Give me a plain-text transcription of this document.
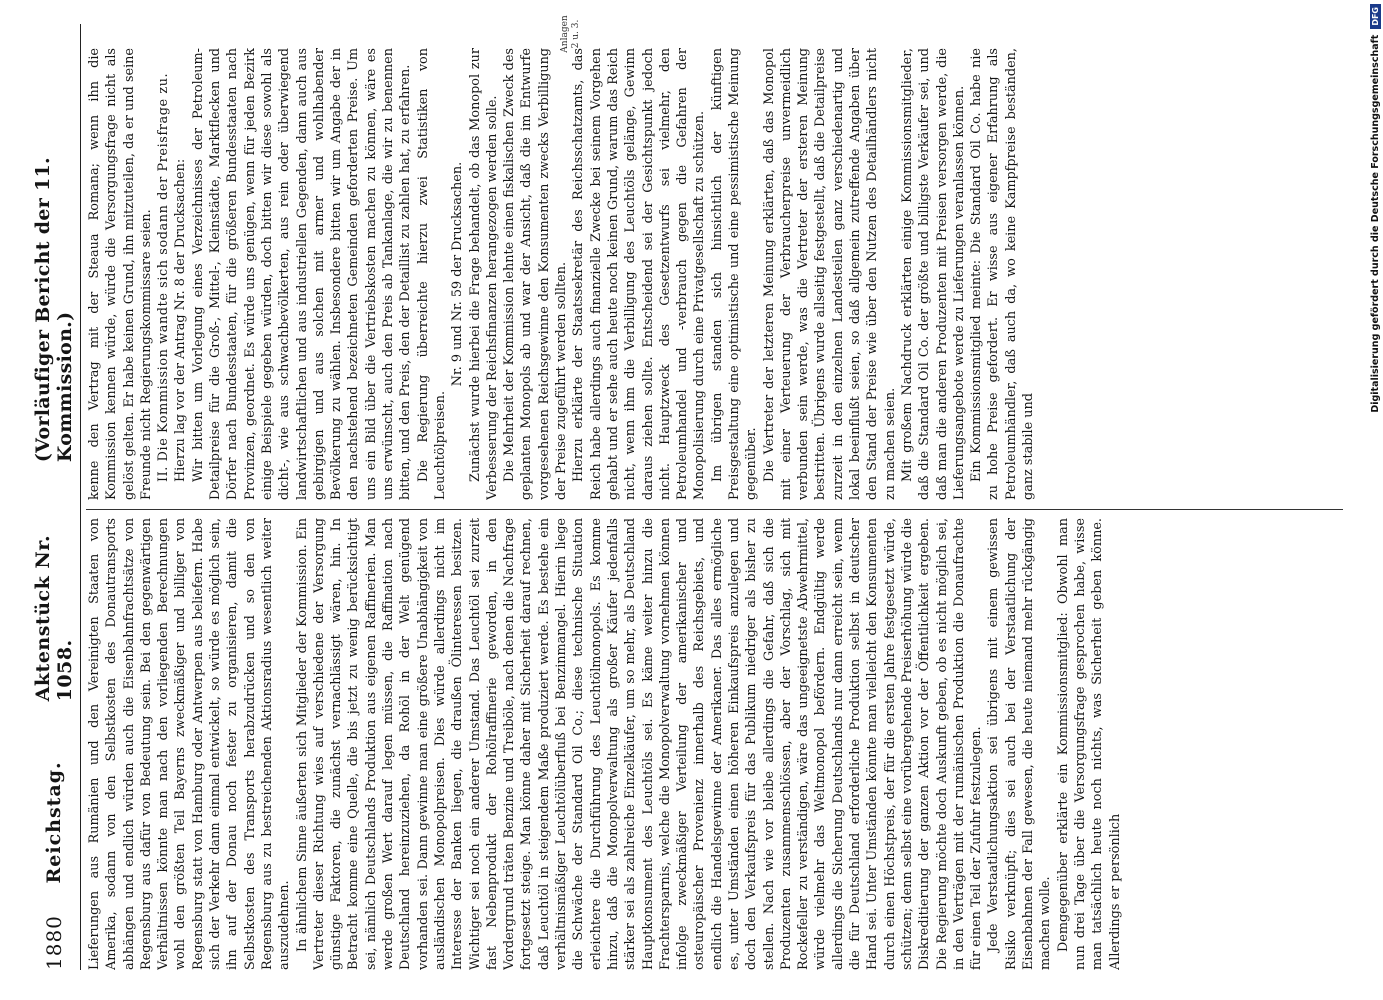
1880
Reichstag.
Aktenstück Nr. 1058.
(Vorläufiger Bericht der 11. Kommission.)

Lieferungen aus Rumänien und den Vereinigten Staaten von Amerika, sodann von den Selbstkosten des Donautransports abhängen und endlich würden auch die Eisenbahnfrachtsätze von Regensburg aus dafür von Bedeutung sein. Bei den gegenwärtigen Verhältnissen könnte man nach den vorliegenden Berechnungen wohl den größten Teil Bayerns zweckmäßiger und billiger von Regensburg statt von Hamburg oder Antwerpen aus beliefern. Habe sich der Verkehr dann einmal entwickelt, so würde es möglich sein, ihn auf der Donau noch fester zu organisieren, damit die Selbstkosten des Transports herabzudrücken und so den von Regensburg aus zu bestreichenden Aktionsradius wesentlich weiter auszudehnen. In ähnlichem Sinne äußerten sich Mitglieder der Kommission. Ein Vertreter dieser Richtung wies auf verschiedene der Versorgung günstige Faktoren, die zunächst vernachlässigt wären, hin. In Betracht komme eine Quelle, die bis jetzt zu wenig berücksichtigt sei, nämlich Deutschlands Produktion aus eigenen Raffinerien. Man werde großen Wert darauf legen müssen, die Raffination nach Deutschland hereinzuziehen, da Rohöl in der Welt genügend vorhanden sei. Dann gewinne man eine größere Unabhängigkeit von ausländischen Monopolpreisen. Dies würde allerdings nicht im Interesse der Banken liegen, die draußen Ölinteressen besitzen. Wichtiger sei noch ein anderer Umstand. Das Leuchtöl sei zurzeit fast Nebenprodukt der Rohölraffinerie geworden, in den Vordergrund träten Benzine und Treiböle, nach denen die Nachfrage fortgesetzt steige. Man könne daher mit Sicherheit darauf rechnen, daß Leuchtöl in steigendem Maße produziert werde. Es bestehe ein verhältnismäßiger Leuchtölüberfluß bei Benzinmangel. Hierin liege die Schwäche der Standard Oil Co.; diese technische Situation erleichtere die Durchführung des Leuchtölmonopols. Es komme hinzu, daß die Monopolverwaltung als großer Käufer jedenfalls stärker sei als zahlreiche Einzelkäufer, um so mehr, als Deutschland Hauptkonsument des Leuchtöls sei. Es käme weiter hinzu die Frachtersparnis, welche die Monopolverwaltung vornehmen können infolge zweckmäßiger Verteilung der amerikanischer und osteuropäischer Provenienz innerhalb des Reichsgebiets, und endlich die Handelsgewinne der Amerikaner. Das alles ermögliche es, unter Umständen einen höheren Einkaufspreis anzulegen und doch den Verkaufspreis für das Publikum niedriger als bisher zu stellen. Nach wie vor bleibe allerdings die Gefahr, daß sich die Produzenten zusammenschlössen, aber der Vorschlag, sich mit Rockefeller zu verständigen, wäre das ungeeignetste Abwehrmittel, würde vielmehr das Weltmonopol befördern. Endgültig werde allerdings die Sicherung Deutschlands nur dann erreicht sein, wenn die für Deutschland erforderliche Produktion selbst in deutscher Hand sei. Unter Umständen könnte man vielleicht den Konsumenten durch einen Höchstpreis, der für die ersten Jahre festgesetzt würde, schützen; denn selbst eine vorübergehende Preiserhöhung würde die Diskreditierung der ganzen Aktion vor der Öffentlichkeit ergeben. Die Regierung möchte doch Auskunft geben, ob es nicht möglich sei, in den Verträgen mit der rumänischen Produktion die Donaufrachte für einen Teil der Zufuhr festzulegen. Jede Verstaatlichungsaktion sei übrigens mit einem gewissen Risiko verknüpft; dies sei auch bei der Verstaatlichung der Eisenbahnen der Fall gewesen, die heute niemand mehr rückgängig machen wolle. Demgegenüber erklärte ein Kommissionsmitglied: Obwohl man nun drei Tage über die Versorgungsfrage gesprochen habe, wisse man tatsächlich heute noch nichts, was Sicherheit geben könne. Allerdings er persönlich

kenne den Vertrag mit der Steaua Romana; wenn ihn die Kommission kennen würde, würde die Versorgungsfrage nicht als gelöst gelten. Er habe keinen Grund, ihn mitzuteilen, da er und seine Freunde nicht Regierungskommissare seien. II. Die Kommission wandte sich sodann der Preisfrage zu. Hierzu lag vor der Antrag Nr. 8 der Drucksachen: Wir bitten um Vorlegung eines Verzeichnisses der Petroleum-Detailpreise für die Groß-, Mittel-, Kleinstädte, Marktflecken und Dörfer nach Bundesstaaten, für die größeren Bundesstaaten nach Provinzen, geordnet. Es würde uns genügen, wenn für jeden Bezirk einige Beispiele gegeben würden, doch bitten wir diese sowohl als dicht-, wie aus schwachbevölkerten, aus rein oder überwiegend landwirtschaftlichen und aus industriellen Gegenden, dann auch aus gebirgigen und aus solchen mit armer und wohlhabender Bevölkerung zu wählen. Insbesondere bitten wir um Angabe der in den nachstehend bezeichneten Gemeinden geforderten Preise. Um uns ein Bild über die Vertriebskosten machen zu können, wäre es uns erwünscht, auch den Preis ab Tankanlage, die wir zu benennen bitten, und den Preis, den der Detaillist zu zahlen hat, zu erfahren. Die Regierung überreichte hierzu zwei Statistiken von Leuchtölpreisen.

Nr. 9 und Nr. 59 der Drucksachen. Zunächst wurde hierbei die Frage behandelt, ob das Monopol zur Verbesserung der Reichsfinanzen herangezogen werden solle. Die Mehrheit der Kommission lehnte einen fiskalischen Zweck des geplanten Monopols ab und war der Ansicht, daß die im Entwurfe vorgesehenen Reichsgewinne den Konsumenten zwecks Verbilligung der Preise zugeführt werden sollten. Hierzu erklärte der Staatssekretär des Reichsschatzamts, das Reich habe allerdings auch finanzielle Zwecke bei seinem Vorgehen gehabt und er sehe auch heute noch keinen Grund, warum das Reich nicht, wenn ihm die Verbilligung des Leuchtöls gelänge, Gewinn daraus ziehen sollte. Entscheidend sei der Gesichtspunkt jedoch nicht. Hauptzweck des Gesetzentwurfs sei vielmehr, den Petroleumhandel und -verbrauch gegen die Gefahren der Monopolisierung durch eine Privatgesellschaft zu schützen. Im übrigen standen sich hinsichtlich der künftigen Preisgestaltung eine optimistische und eine pessimistische Meinung gegenüber. Die Vertreter der letzteren Meinung erklärten, daß das Monopol mit einer Verteuerung der Verbraucherpreise unvermeidlich verbunden sein werde, was die Vertreter der ersteren Meinung bestritten. Übrigens wurde allseitig festgestellt, daß die Detailpreise zurzeit in den einzelnen Landesteilen ganz verschiedenartig und lokal beeinflußt seien, so daß allgemein zutreffende Angaben über den Stand der Preise wie über den Nutzen des Detailhändlers nicht zu machen seien. Mit großem Nachdruck erklärten einige Kommissionsmitglieder, daß die Standard Oil Co. der größte und billigste Verkäufer sei, und daß man die anderen Produzenten mit Preisen versorgen werde, die Lieferungsangebote werde zu Lieferungen veranlassen können. Ein Kommissionsmitglied meinte: Die Standard Oil Co. habe nie zu hohe Preise gefordert. Er wisse aus eigener Erfahrung als Petroleumhändler, daß auch da, wo keine Kampfpreise beständen, ganz stabile und

Anlagen 2 u. 3.
Digitalisierung gefördert durch die Deutsche Forschungsgemeinschaft
DFG
